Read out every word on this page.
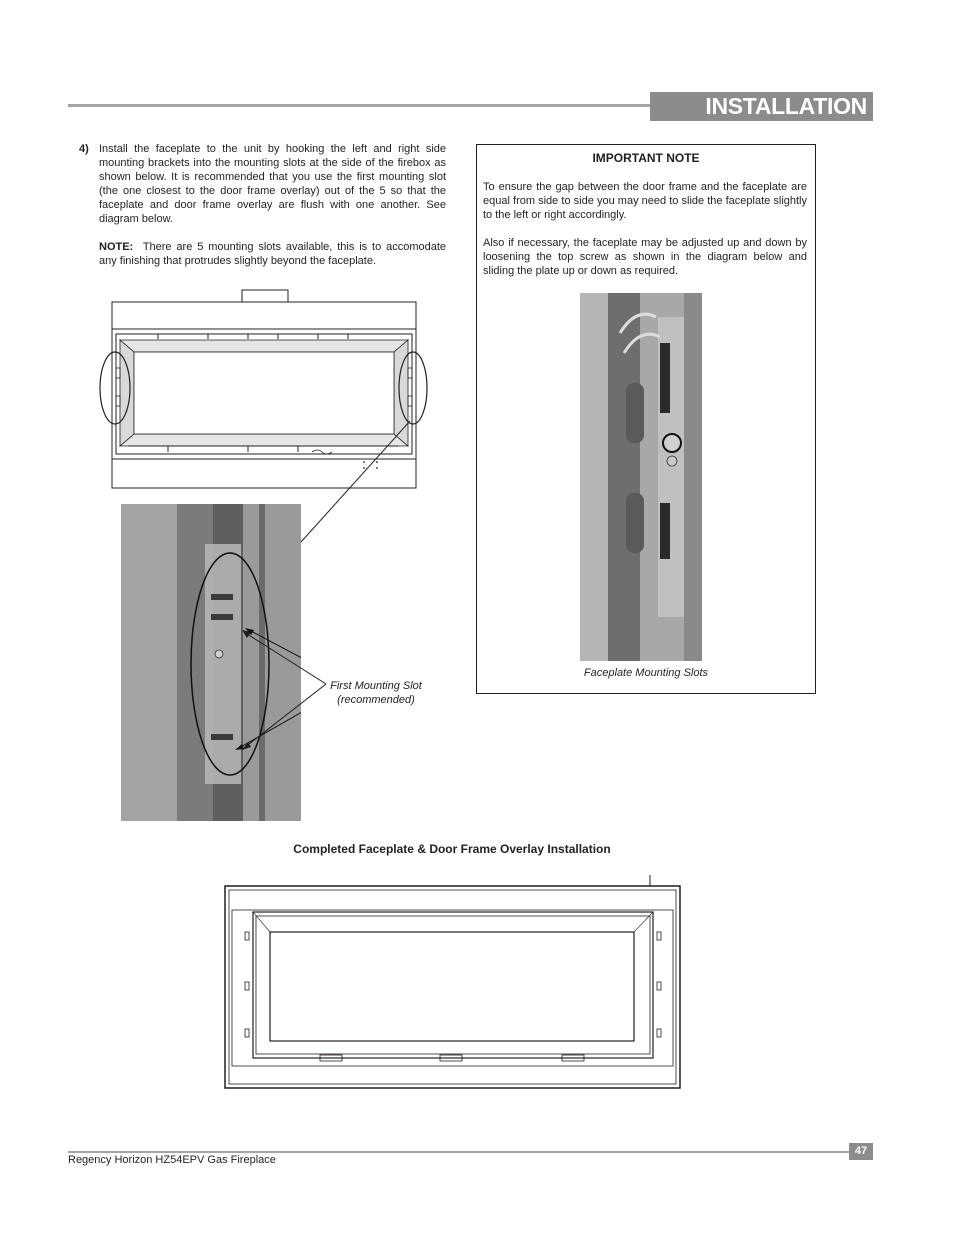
INSTALLATION
4) Install the faceplate to the unit by hooking the left and right side mounting brackets into the mounting slots at the side of the firebox as shown below. It is recommended that you use the first mounting slot (the one closest to the door frame overlay) out of the 5 so that the faceplate and door frame overlay are flush with one another. See diagram below.
NOTE: There are 5 mounting slots available, this is to accomodate any finishing that protrudes slightly beyond the faceplate.
First Mounting Slot
(recommended)
IMPORTANT NOTE
To ensure the gap between the door frame and the faceplate are equal from side to side you may need to slide the faceplate slightly to the left or right accordingly.
Also if necessary, the faceplate may be adjusted up and down by loosening the top screw as shown in the diagram below and sliding the plate up or down as required.
Faceplate Mounting Slots
Completed Faceplate & Door Frame Overlay Installation
47
Regency Horizon HZ54EPV Gas Fireplace
